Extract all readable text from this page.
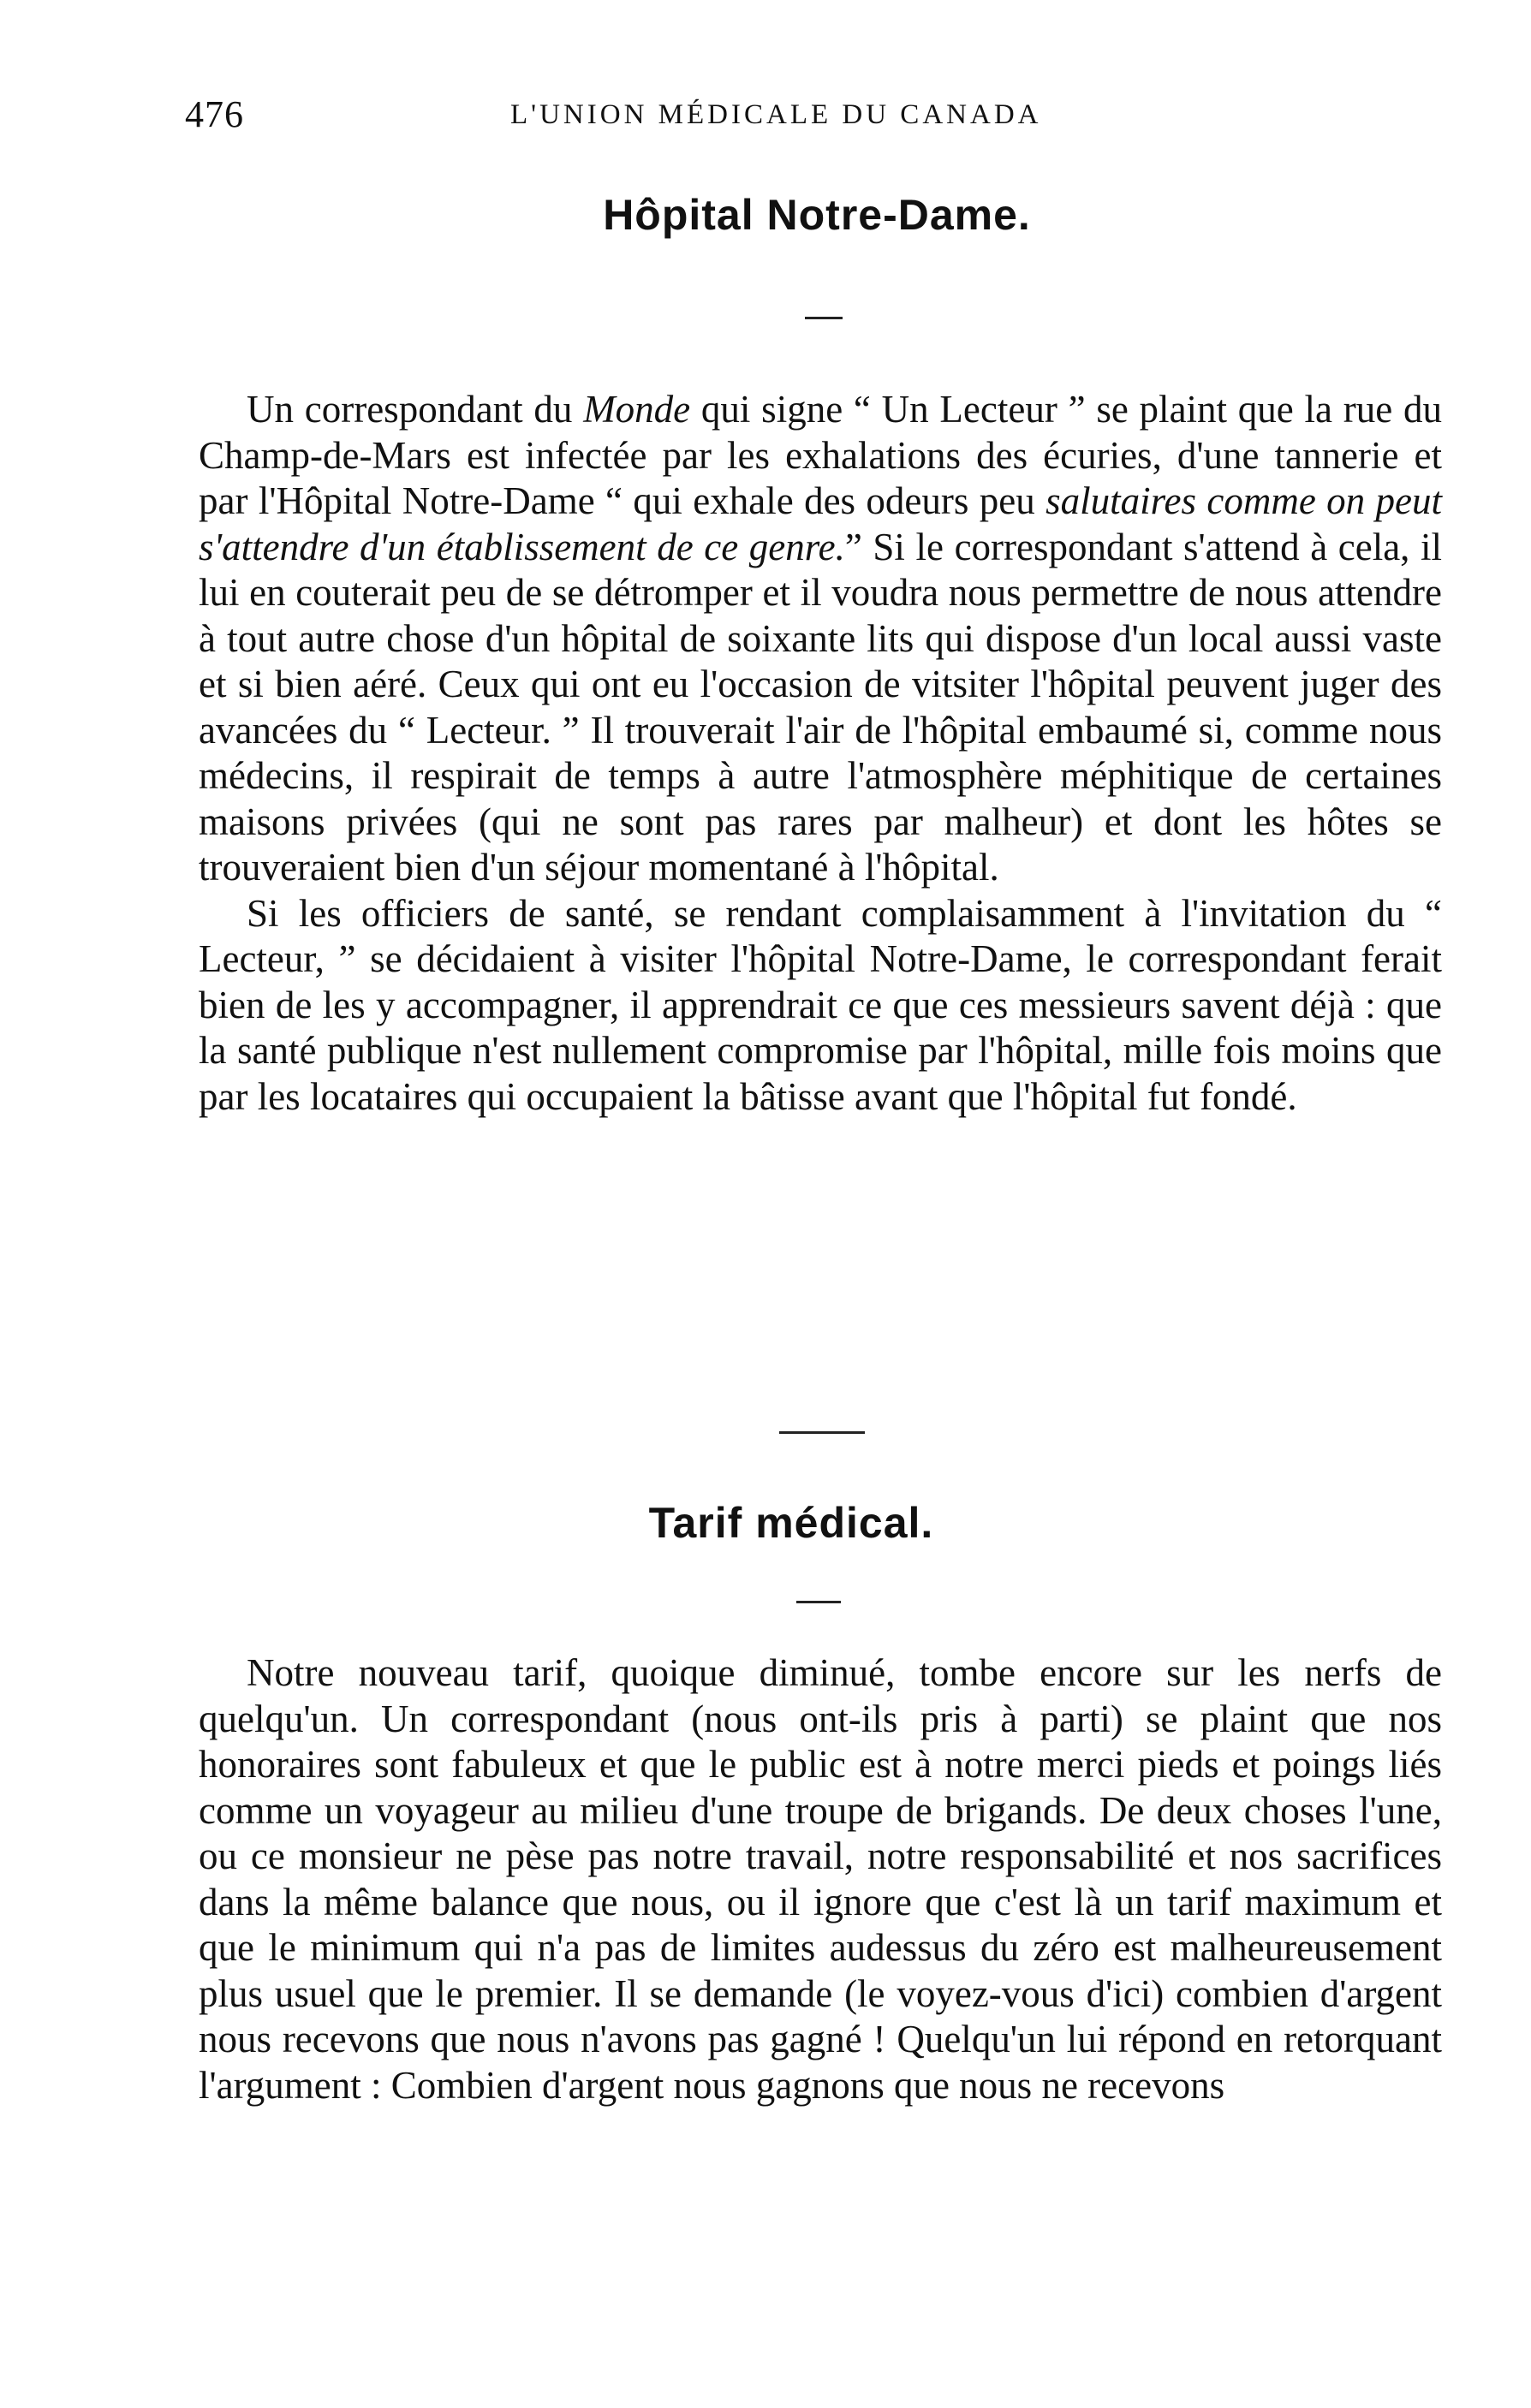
476	L'UNION MÉDICALE DU CANADA
Hôpital Notre-Dame.

Un correspondant du Monde qui signe “ Un Lecteur ” se plaint que la rue du Champ-de-Mars est infectée par les exhalations des écuries, d'une tannerie et par l'Hôpital Notre-Dame “ qui exhale des odeurs peu salutaires comme on peut s'attendre d'un établissement de ce genre.” Si le correspondant s'attend à cela, il lui en couterait peu de se détromper et il voudra nous permettre de nous attendre à tout autre chose d'un hôpital de soixante lits qui dispose d'un local aussi vaste et si bien aéré. Ceux qui ont eu l'occasion de vitsiter l'hôpital peuvent juger des avancées du “ Lecteur. ” Il trouverait l'air de l'hôpital embaumé si, comme nous médecins, il respirait de temps à autre l'atmosphère méphitique de certaines maisons privées (qui ne sont pas rares par malheur) et dont les hôtes se trouveraient bien d'un séjour momentané à l'hôpital.

Si les officiers de santé, se rendant complaisamment à l'invitation du “ Lecteur, ” se décidaient à visiter l'hôpital Notre-Dame, le correspondant ferait bien de les y accompagner, il apprendrait ce que ces messieurs savent déjà : que la santé publique n'est nullement compromise par l'hôpital, mille fois moins que par les locataires qui occupaient la bâtisse avant que l'hôpital fut fondé.

Tarif médical.

Notre nouveau tarif, quoique diminué, tombe encore sur les nerfs de quelqu'un. Un correspondant (nous ont-ils pris à parti) se plaint que nos honoraires sont fabuleux et que le public est à notre merci pieds et poings liés comme un voyageur au milieu d'une troupe de brigands. De deux choses l'une, ou ce monsieur ne pèse pas notre travail, notre responsabilité et nos sacrifices dans la même balance que nous, ou il ignore que c'est là un tarif maximum et que le minimum qui n'a pas de limites audessus du zéro est malheureusement plus usuel que le premier. Il se demande (le voyez-vous d'ici) combien d'argent nous recevons que nous n'avons pas gagné ! Quelqu'un lui répond en retorquant l'argument : Combien d'argent nous gagnons que nous ne recevons
